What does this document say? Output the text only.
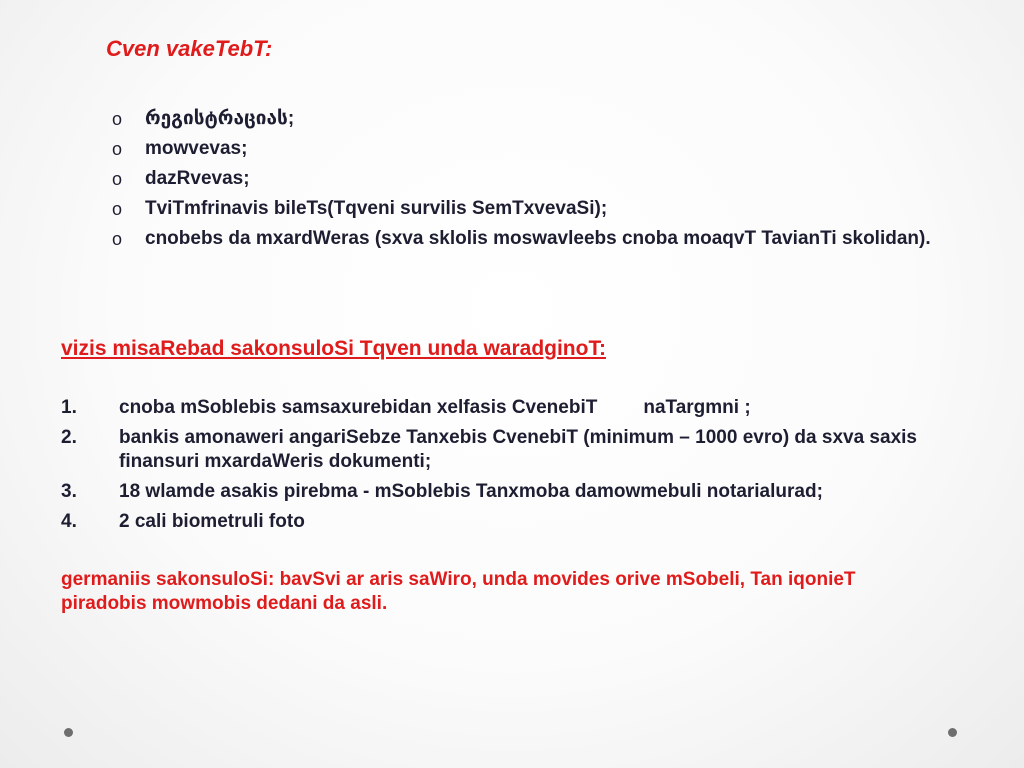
Cven vakeTebT:
o რეგისტრაციას;
o mowvevas;
o dazRvevas;
o TviTmfrinavis bileTs(Tqveni survilis SemTxvevaSi);
o cnobebs da mxardWeras (sxva sklolis moswavleebs cnoba moaqvT TavianTi skolidan).
vizis misaRebad sakonsuloSi Tqven unda waradginoT:
1. cnoba mSoblebis samsaxurebidan xelfasis CvenebiT naTargmni ;
2. bankis amonaweri angariSebze Tanxebis CvenebiT (minimum – 1000 evro) da sxva saxis finansuri mxardaWeris dokumenti;
3. 18 wlamde asakis pirebma - mSoblebis Tanxmoba damowmebuli notarialurad;
4. 2 cali biometruli foto

germaniis sakonsuloSi: bavSvi ar aris saWiro, unda movides orive mSobeli, Tan iqonieT piradobis mowmobis dedani da asli.
